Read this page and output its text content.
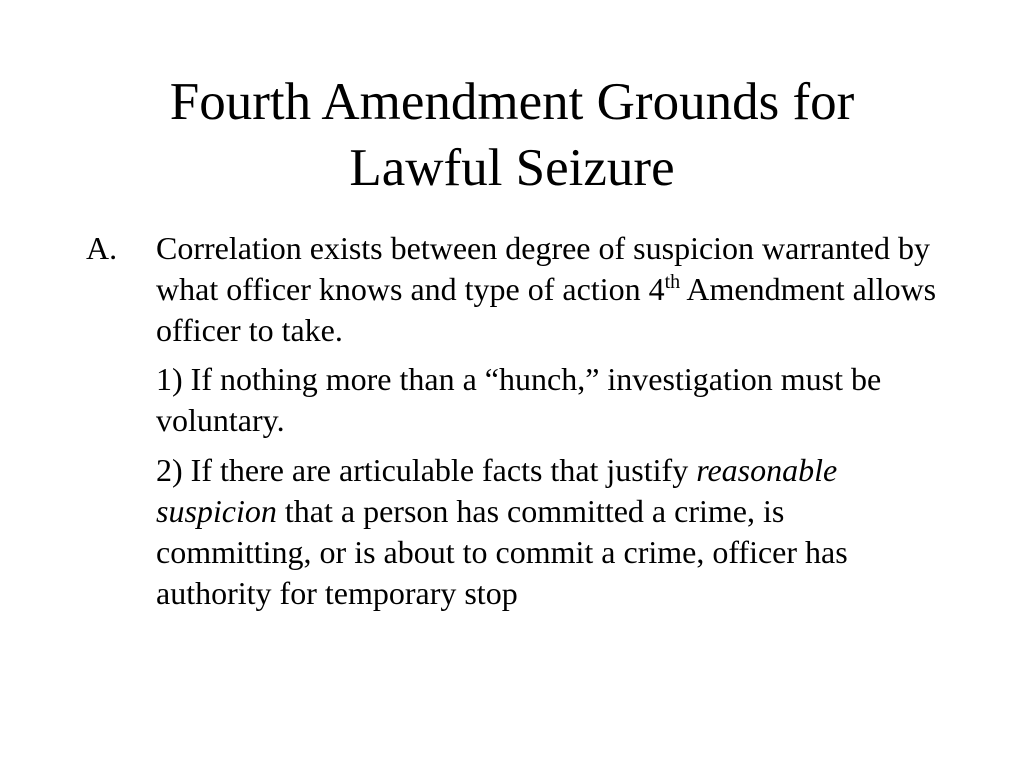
Fourth Amendment Grounds for
Lawful Seizure
A. Correlation exists between degree of suspicion warranted by what officer knows and type of action 4th Amendment allows officer to take.
1) If nothing more than a “hunch,” investigation must be voluntary.
2) If there are articulable facts that justify reasonable suspicion that a person has committed a crime, is committing, or is about to commit a crime, officer has authority for temporary stop
